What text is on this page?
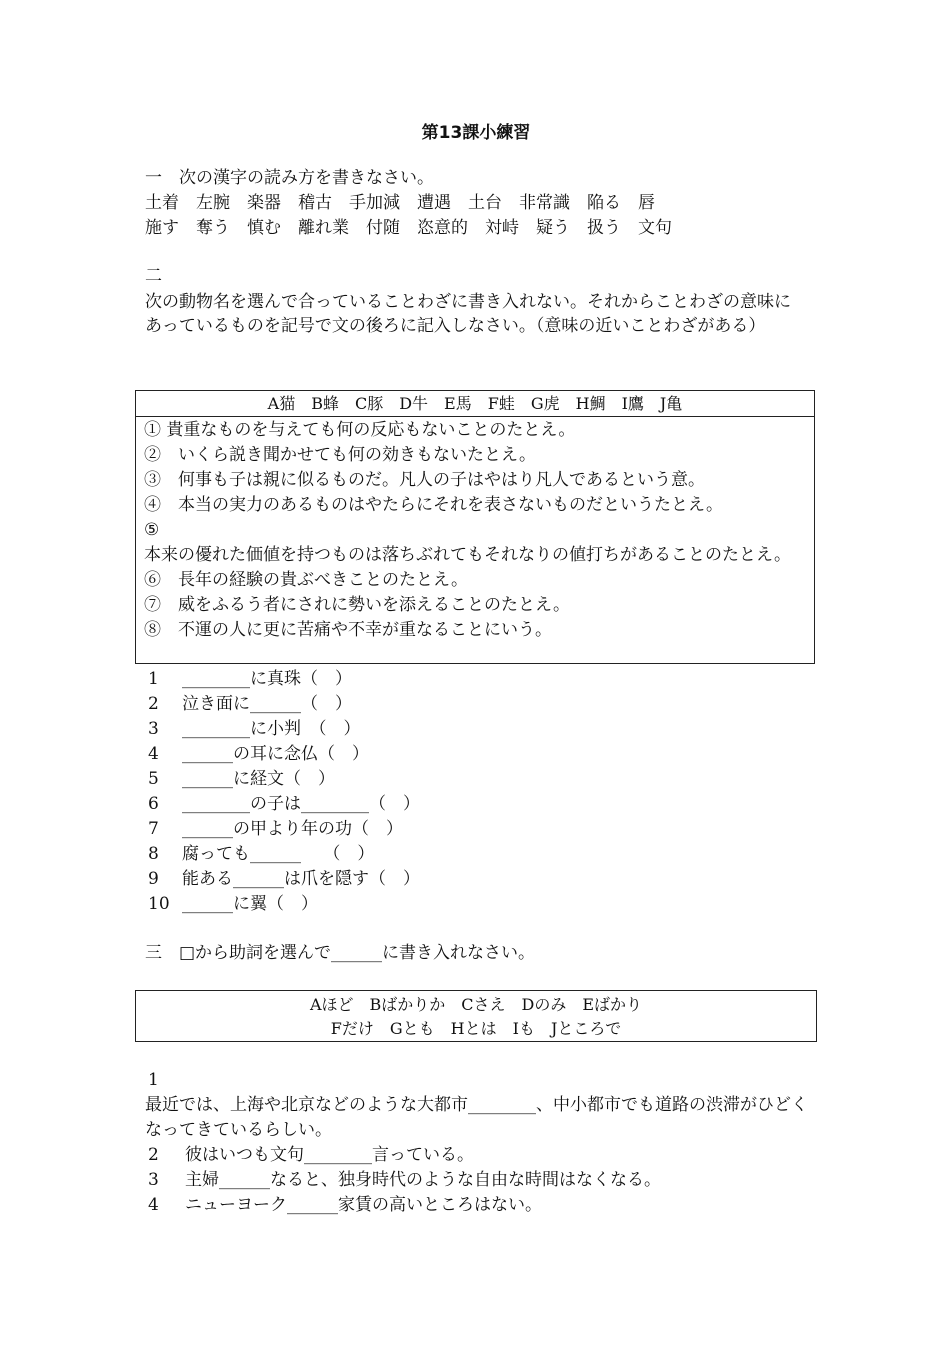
第13課小練習
一　次の漢字の読み方を書きなさい。
土着　左腕　楽器　稽古　手加減　遭遇　土台　非常識　陥る　唇
施す　奪う　慎む　離れ業　付随　恣意的　対峙　疑う　扱う　文句
二
次の動物名を選んで合っていることわざに書き入れない。それからことわざの意味にあっているものを記号で文の後ろに記入しなさい。（意味の近いことわざがある）
A猫　B蜂　C豚　D牛　E馬　F蛙　G虎　H鯛　I鷹　J亀
① 貴重なものを与えても何の反応もないことのたとえ。
②　いくら説き聞かせても何の効きもないたとえ。
③　何事も子は親に似るものだ。凡人の子はやはり凡人であるという意。
④　本当の実力のあるものはやたらにそれを表さないものだというたとえ。
⑤
本来の優れた価値を持つものは落ちぶれてもそれなりの値打ちがあることのたとえ。
⑥　長年の経験の貴ぶべきことのたとえ。
⑦　威をふるう者にされに勢いを添えることのたとえ。
⑧　不運の人に更に苦痛や不幸が重なることにいう。
1 ________に真珠（　）
2 泣き面に______（　）
3 ________に小判　（　）
4 ______の耳に念仏（　）
5 ______に経文（　）
6 ________の子は________（　）
7 ______の甲より年の功（　）
8 腐っても______　 （　）
9 能ある______は爪を隠す（　）
10 ______に翼（　）
三　□から助詞を選んで______に書き入れなさい。
Aほど　Bばかりか　Cさえ　Dのみ　Eばかり
Fだけ　Gとも　Hとは　Iも　Jところで
1
最近では、上海や北京などのような大都市________、中小都市でも道路の渋滞がひどくなってきているらしい。
2 彼はいつも文句________言っている。
3 主婦______なると、独身時代のような自由な時間はなくなる。
4 ニューヨーク______家賃の高いところはない。
